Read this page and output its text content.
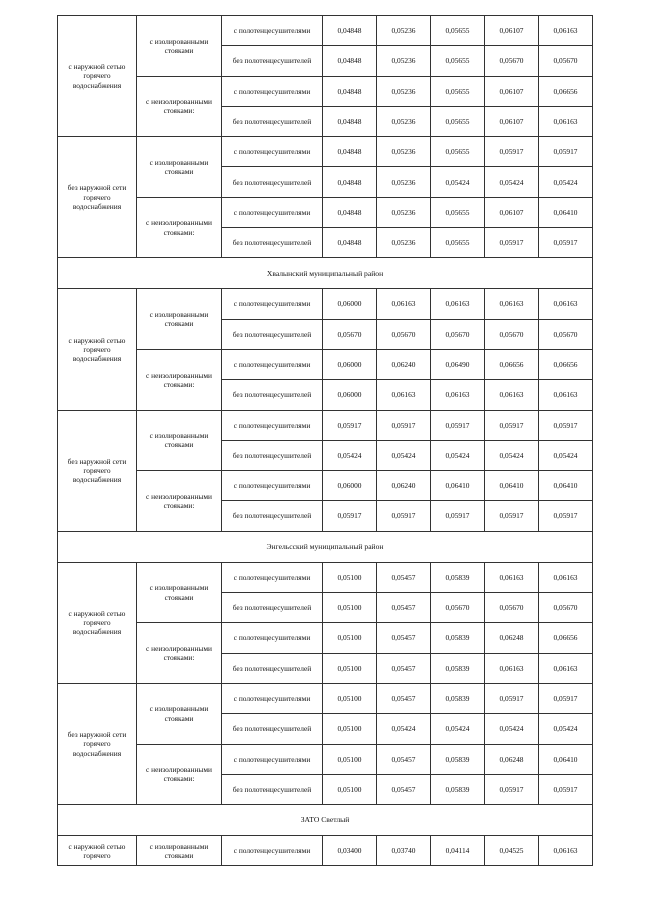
с наружной сетью горячего водоснабжения	с изолированными стояками	с полотенцесушителями	0,04848	0,05236	0,05655	0,06107	0,06163
		без полотенцесушителей	0,04848	0,05236	0,05655	0,05670	0,05670
	с неизолированными стояками:	с полотенцесушителями	0,04848	0,05236	0,05655	0,06107	0,06656
		без полотенцесушителей	0,04848	0,05236	0,05655	0,06107	0,06163
без наружной сети горячего водоснабжения	с изолированными стояками	с полотенцесушителями	0,04848	0,05236	0,05655	0,05917	0,05917
		без полотенцесушителей	0,04848	0,05236	0,05424	0,05424	0,05424
	с неизолированными стояками:	с полотенцесушителями	0,04848	0,05236	0,05655	0,06107	0,06410
		без полотенцесушителей	0,04848	0,05236	0,05655	0,05917	0,05917
Хвалынский муниципальный район							
с наружной сетью горячего водоснабжения	с изолированными стояками	с полотенцесушителями	0,06000	0,06163	0,06163	0,06163	0,06163
		без полотенцесушителей	0,05670	0,05670	0,05670	0,05670	0,05670
	с неизолированными стояками:	с полотенцесушителями	0,06000	0,06240	0,06490	0,06656	0,06656
		без полотенцесушителей	0,06000	0,06163	0,06163	0,06163	0,06163
без наружной сети горячего водоснабжения	с изолированными стояками	с полотенцесушителями	0,05917	0,05917	0,05917	0,05917	0,05917
		без полотенцесушителей	0,05424	0,05424	0,05424	0,05424	0,05424
	с неизолированными стояками:	с полотенцесушителями	0,06000	0,06240	0,06410	0,06410	0,06410
		без полотенцесушителей	0,05917	0,05917	0,05917	0,05917	0,05917
Энгельсский муниципальный район							
с наружной сетью горячего водоснабжения	с изолированными стояками	с полотенцесушителями	0,05100	0,05457	0,05839	0,06163	0,06163
		без полотенцесушителей	0,05100	0,05457	0,05670	0,05670	0,05670
	с неизолированными стояками:	с полотенцесушителями	0,05100	0,05457	0,05839	0,06248	0,06656
		без полотенцесушителей	0,05100	0,05457	0,05839	0,06163	0,06163
без наружной сети горячего водоснабжения	с изолированными стояками	с полотенцесушителями	0,05100	0,05457	0,05839	0,05917	0,05917
		без полотенцесушителей	0,05100	0,05424	0,05424	0,05424	0,05424
	с неизолированными стояками:	с полотенцесушителями	0,05100	0,05457	0,05839	0,06248	0,06410
		без полотенцесушителей	0,05100	0,05457	0,05839	0,05917	0,05917
ЗАТО Светлый							
с наружной сетью горячего	с изолированными стояками	с полотенцесушителями	0,03400	0,03740	0,04114	0,04525	0,06163
